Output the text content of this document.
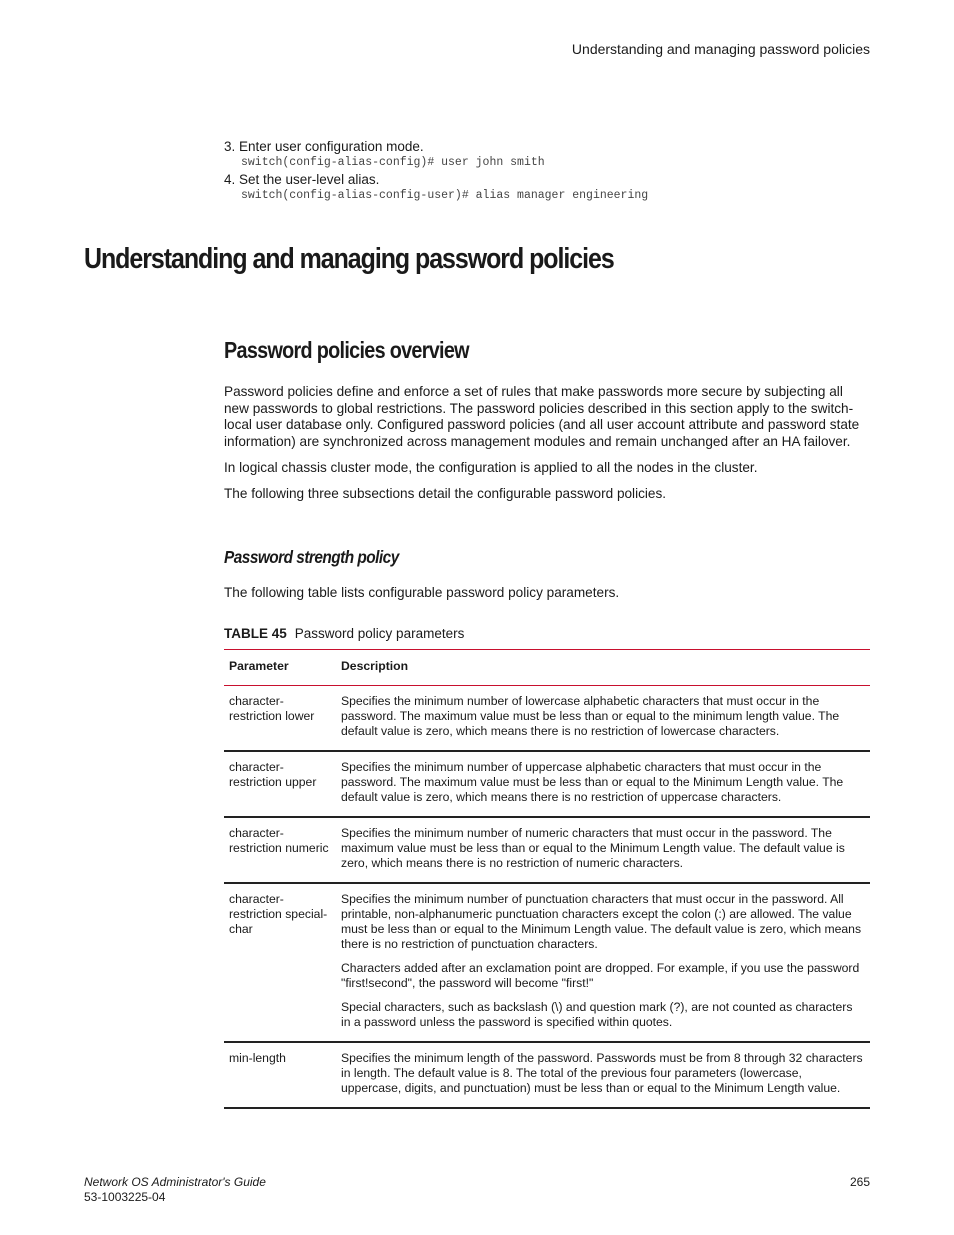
Understanding and managing password policies
3. Enter user configuration mode.
switch(config-alias-config)# user john smith
4. Set the user-level alias.
switch(config-alias-config-user)# alias manager engineering
Understanding and managing password policies
Password policies overview

Password policies define and enforce a set of rules that make passwords more secure by subjecting all new passwords to global restrictions. The password policies described in this section apply to the switch-local user database only. Configured password policies (and all user account attribute and password state information) are synchronized across management modules and remain unchanged after an HA failover.

In logical chassis cluster mode, the configuration is applied to all the nodes in the cluster.

The following three subsections detail the configurable password policies.

Password strength policy
The following table lists configurable password policy parameters.
TABLE 45 Password policy parameters
Parameter	Description
character-restriction lower	Specifies the minimum number of lowercase alphabetic characters that must occur in the password. The maximum value must be less than or equal to the minimum length value. The default value is zero, which means there is no restriction of lowercase characters.

character-restriction upper	Specifies the minimum number of uppercase alphabetic characters that must occur in the password. The maximum value must be less than or equal to the Minimum Length value. The default value is zero, which means there is no restriction of uppercase characters.

character-restriction numeric	Specifies the minimum number of numeric characters that must occur in the password. The maximum value must be less than or equal to the Minimum Length value. The default value is zero, which means there is no restriction of numeric characters.

character-restriction special-char	Specifies the minimum number of punctuation characters that must occur in the password. All printable, non-alphanumeric punctuation characters except the colon (:) are allowed. The value must be less than or equal to the Minimum Length value. The default value is zero, which means there is no restriction of punctuation characters.

Characters added after an exclamation point are dropped. For example, if you use the password "first!second", the password will become "first!"

Special characters, such as backslash (\) and question mark (?), are not counted as characters in a password unless the password is specified within quotes.

min-length	Specifies the minimum length of the password. Passwords must be from 8 through 32 characters in length. The default value is 8. The total of the previous four parameters (lowercase, uppercase, digits, and punctuation) must be less than or equal to the Minimum Length value.

Network OS Administrator's Guide
53-1003225-04
265
